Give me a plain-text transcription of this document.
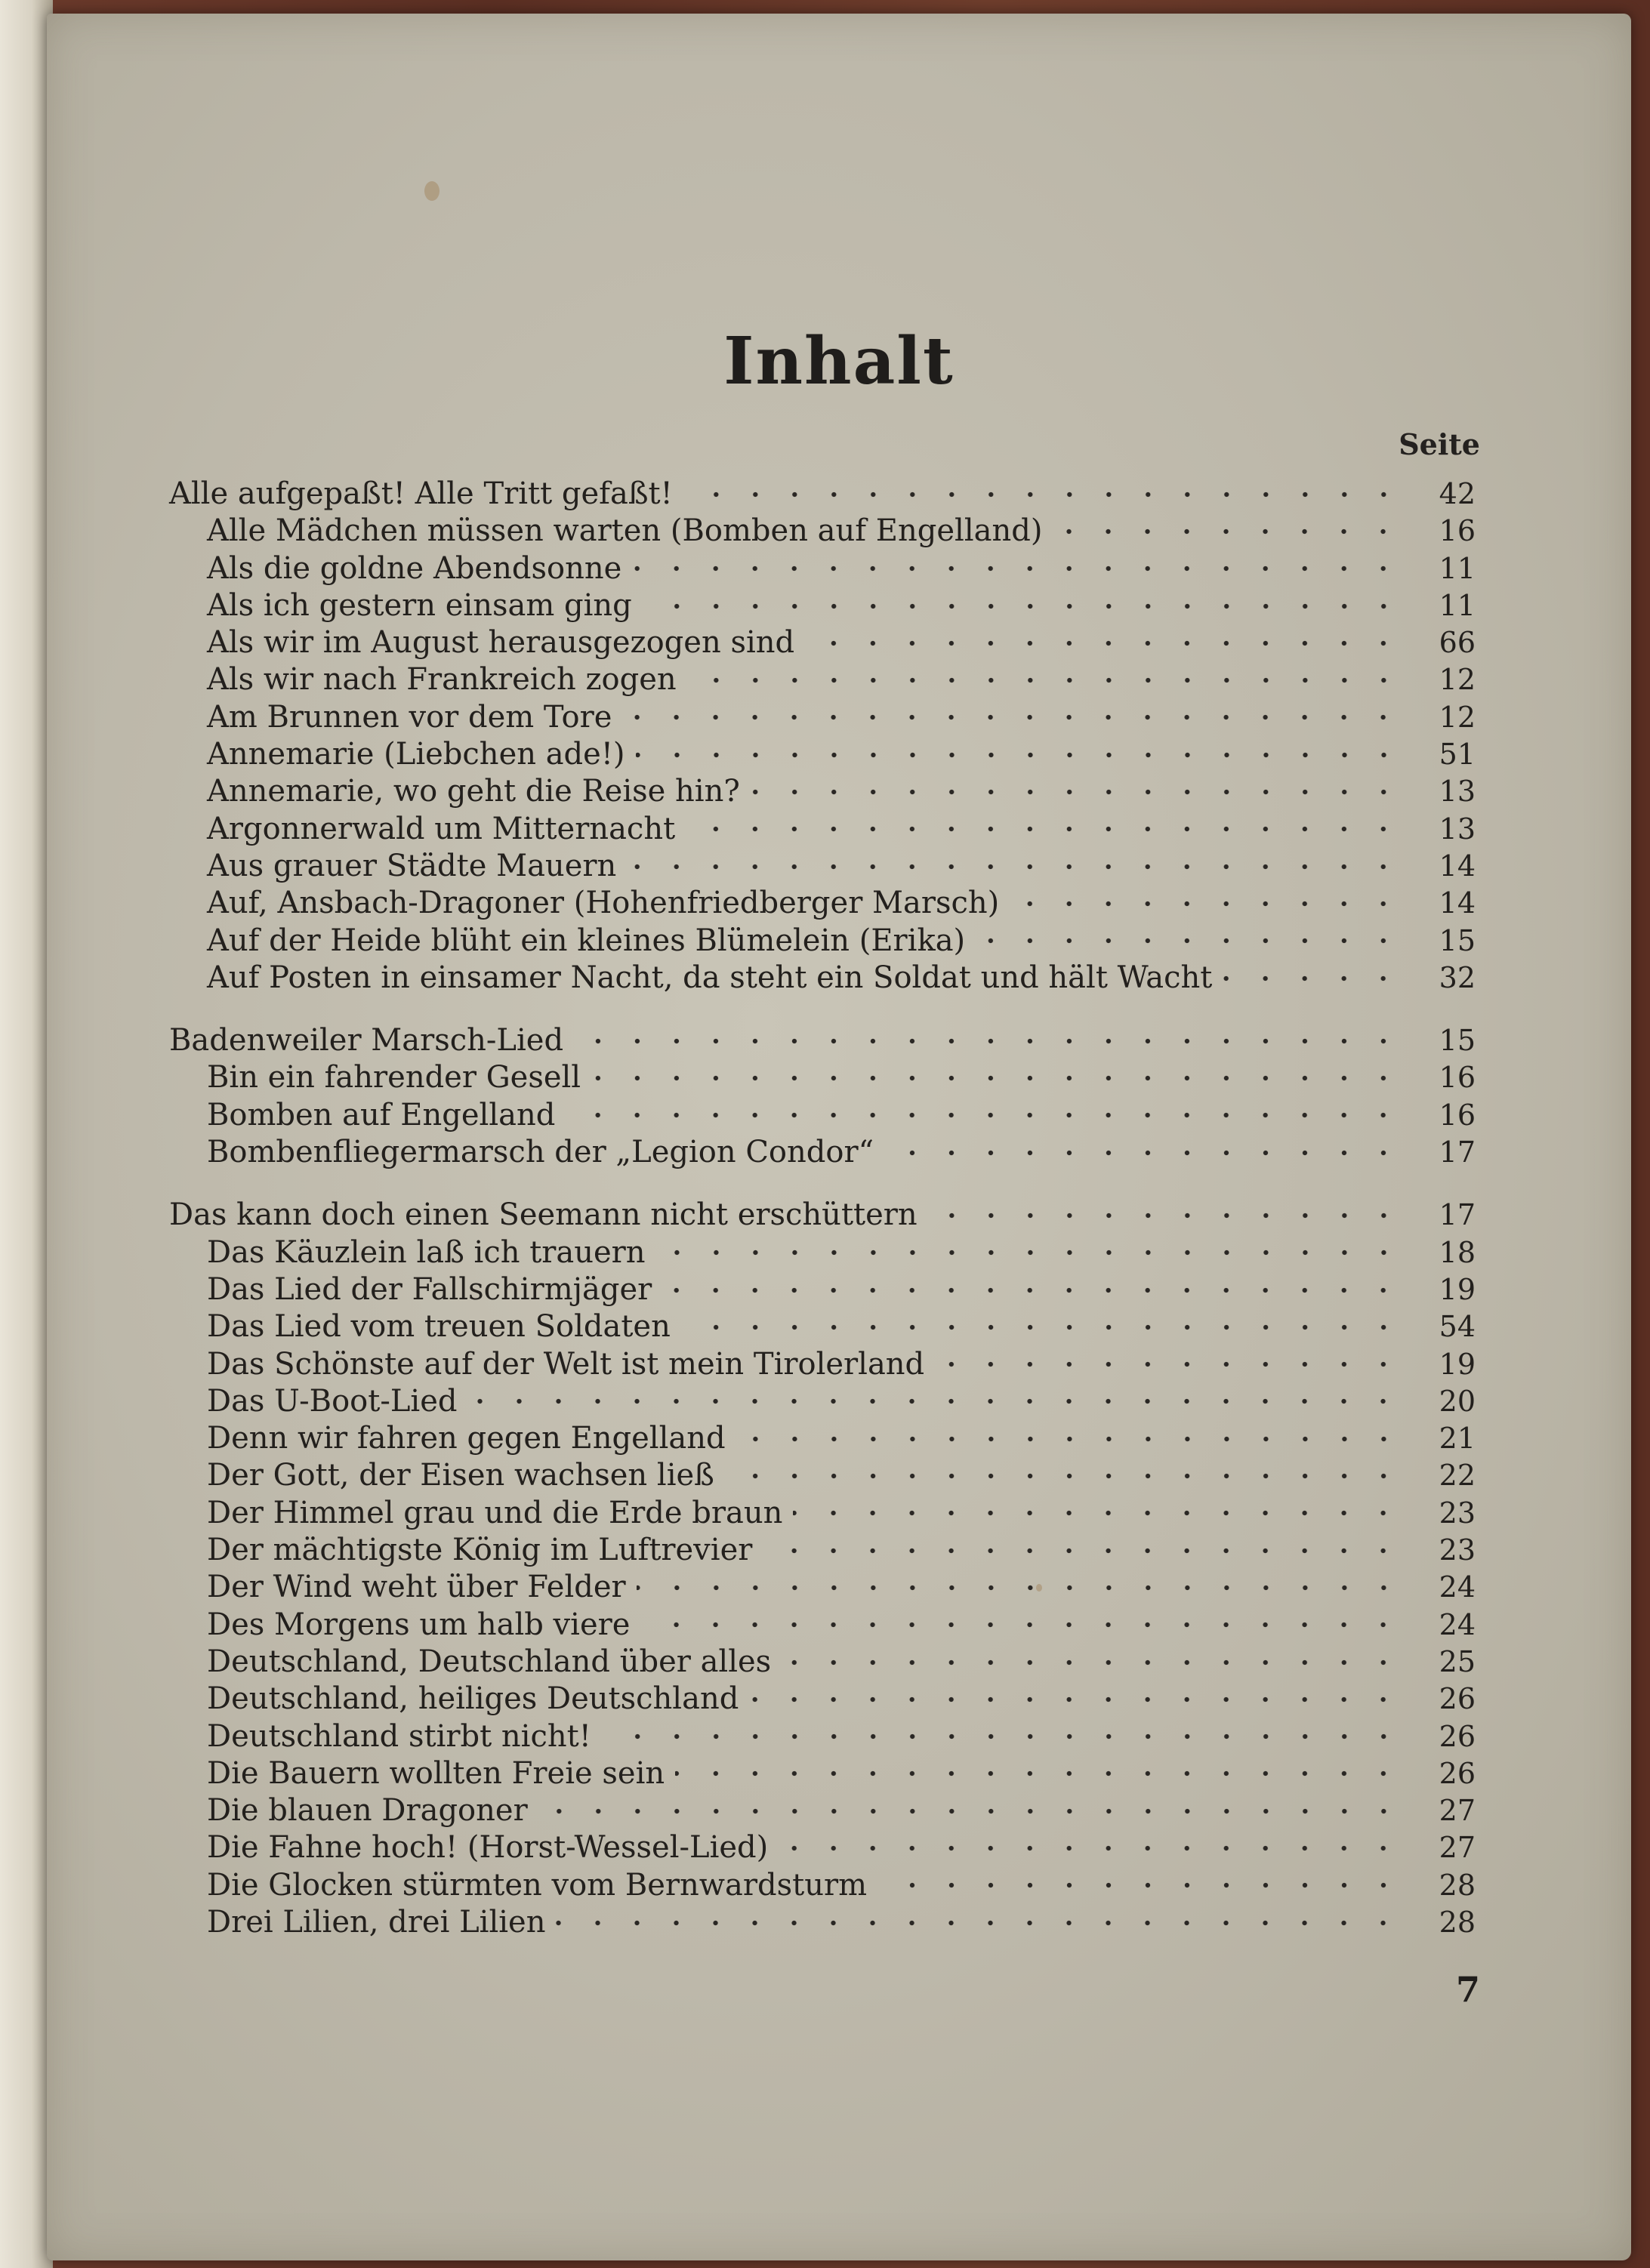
Inhalt
Seite
Alle aufgepaßt! Alle Tritt gefaßt!	42
Alle Mädchen müssen warten (Bomben auf Engelland)	16
Als die goldne Abendsonne	11
Als ich gestern einsam ging	11
Als wir im August herausgezogen sind	66
Als wir nach Frankreich zogen	12
Am Brunnen vor dem Tore	12
Annemarie (Liebchen ade!)	51
Annemarie, wo geht die Reise hin?	13
Argonnerwald um Mitternacht	13
Aus grauer Städte Mauern	14
Auf, Ansbach-Dragoner (Hohenfriedberger Marsch)	14
Auf der Heide blüht ein kleines Blümelein (Erika)	15
Auf Posten in einsamer Nacht, da steht ein Soldat und hält Wacht	32
Badenweiler Marsch-Lied	15
Bin ein fahrender Gesell	16
Bomben auf Engelland	16
Bombenfliegermarsch der „Legion Condor“	17
Das kann doch einen Seemann nicht erschüttern	17
Das Käuzlein laß ich trauern	18
Das Lied der Fallschirmjäger	19
Das Lied vom treuen Soldaten	54
Das Schönste auf der Welt ist mein Tirolerland	19
Das U-Boot-Lied	20
Denn wir fahren gegen Engelland	21
Der Gott, der Eisen wachsen ließ	22
Der Himmel grau und die Erde braun	23
Der mächtigste König im Luftrevier	23
Der Wind weht über Felder	24
Des Morgens um halb viere	24
Deutschland, Deutschland über alles	25
Deutschland, heiliges Deutschland	26
Deutschland stirbt nicht!	26
Die Bauern wollten Freie sein	26
Die blauen Dragoner	27
Die Fahne hoch! (Horst-Wessel-Lied)	27
Die Glocken stürmten vom Bernwardsturm	28
Drei Lilien, drei Lilien	28
7
